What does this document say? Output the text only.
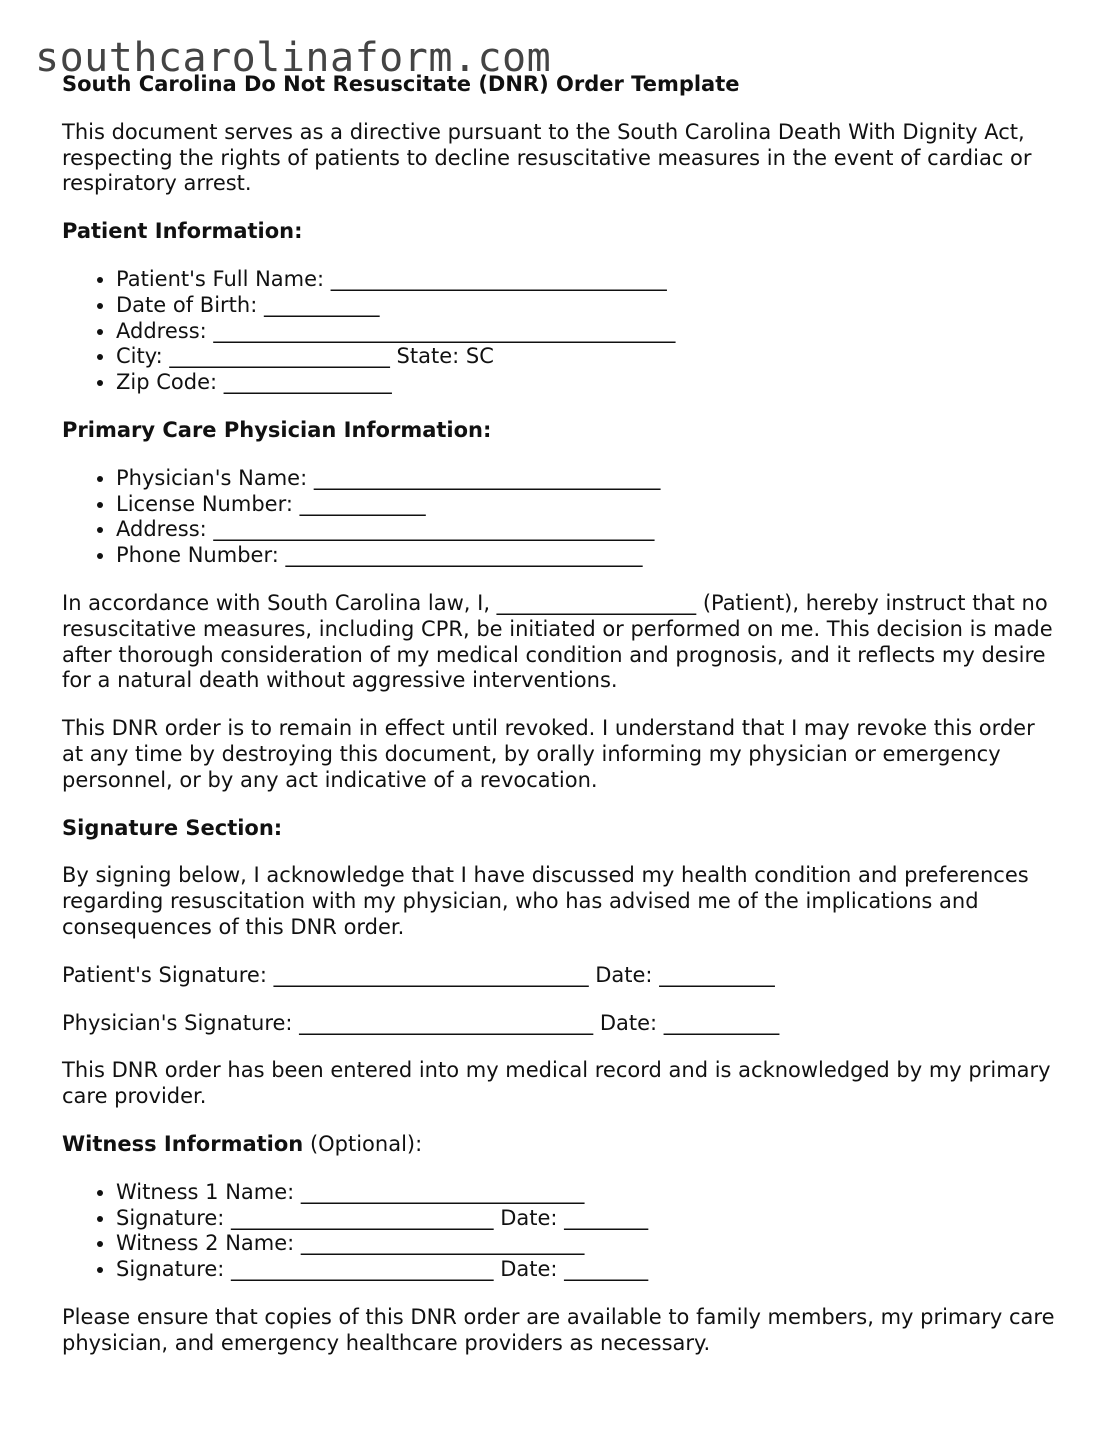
southcarolinaform.com
South Carolina Do Not Resuscitate (DNR) Order Template
This document serves as a directive pursuant to the South Carolina Death With Dignity Act, respecting the rights of patients to decline resuscitative measures in the event of cardiac or respiratory arrest.
Patient Information:
• Patient's Full Name: ________________________________
• Date of Birth: ___________
• Address: ____________________________________________
• City: _____________________ State: SC
• Zip Code: ________________
Primary Care Physician Information:
• Physician's Name: _________________________________
• License Number: ____________
• Address: __________________________________________
• Phone Number: __________________________________
In accordance with South Carolina law, I, ___________________ (Patient), hereby instruct that no resuscitative measures, including CPR, be initiated or performed on me. This decision is made after thorough consideration of my medical condition and prognosis, and it reflects my desire for a natural death without aggressive interventions.
This DNR order is to remain in effect until revoked. I understand that I may revoke this order at any time by destroying this document, by orally informing my physician or emergency personnel, or by any act indicative of a revocation.
Signature Section:
By signing below, I acknowledge that I have discussed my health condition and preferences regarding resuscitation with my physician, who has advised me of the implications and consequences of this DNR order.
Patient's Signature: ______________________________ Date: ___________
Physician's Signature: ____________________________ Date: ___________
This DNR order has been entered into my medical record and is acknowledged by my primary care provider.
Witness Information (Optional):
• Witness 1 Name: ___________________________
• Signature: _________________________ Date: ________
• Witness 2 Name: ___________________________
• Signature: _________________________ Date: ________
Please ensure that copies of this DNR order are available to family members, my primary care physician, and emergency healthcare providers as necessary.
